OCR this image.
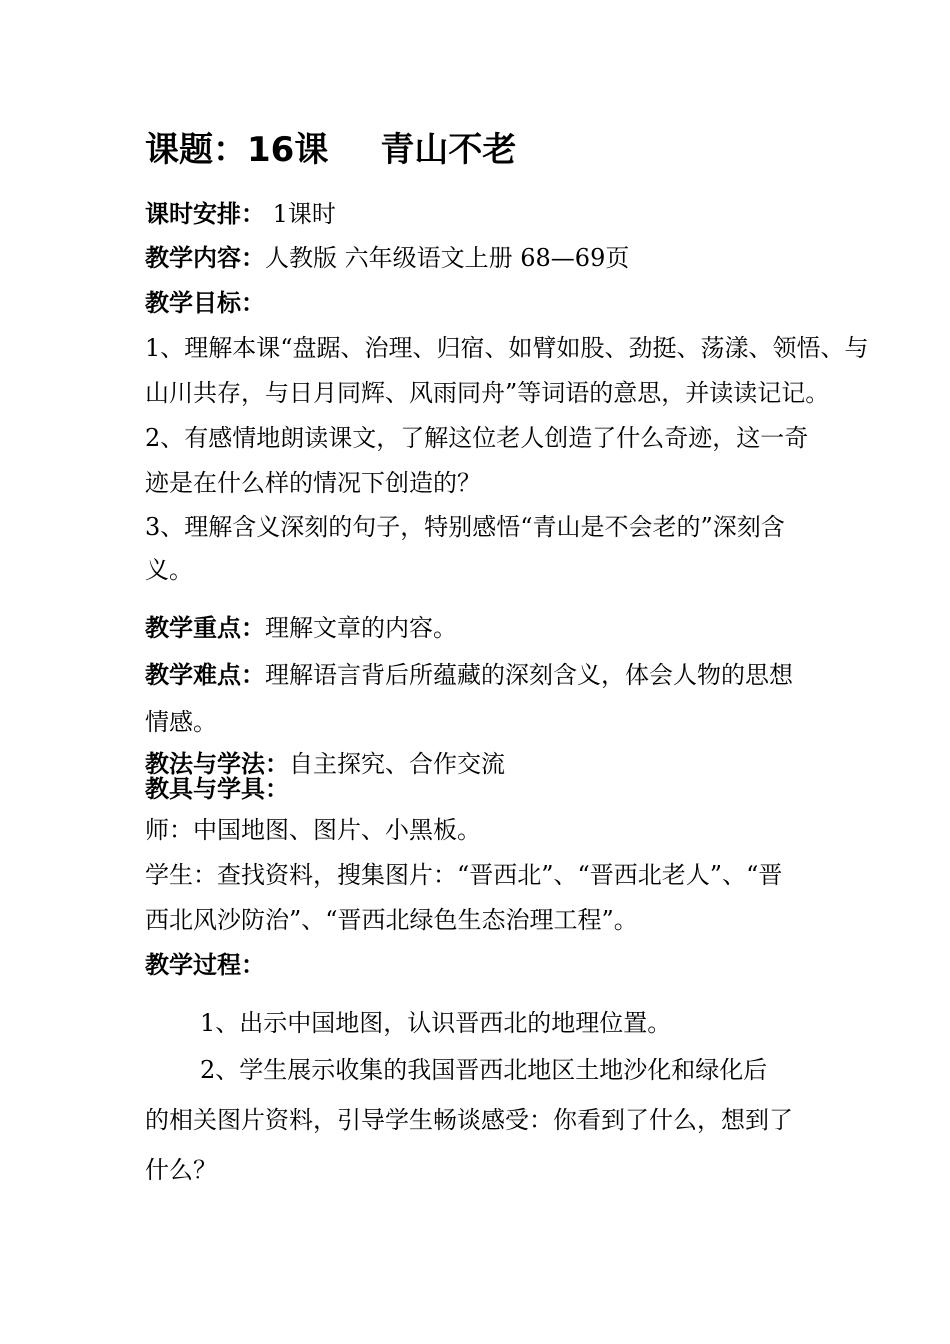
课题：16课 青山不老
课时安排： 1课时
教学内容：人教版 六年级语文上册 68—69页
教学目标：
1、理解本课“盘踞、治理、归宿、如臂如股、劲挺、荡漾、领悟、与
山川共存，与日月同辉、风雨同舟”等词语的意思，并读读记记。
2、有感情地朗读课文，了解这位老人创造了什么奇迹，这一奇
迹是在什么样的情况下创造的？
3、理解含义深刻的句子，特别感悟“青山是不会老的”深刻含
义。
教学重点：理解文章的内容。
教学难点：理解语言背后所蕴藏的深刻含义，体会人物的思想
情感。
教法与学法：自主探究、合作交流
教具与学具：
师：中国地图、图片、小黑板。
学生：查找资料，搜集图片：“晋西北”、“晋西北老人”、“晋
西北风沙防治”、“晋西北绿色生态治理工程”。
教学过程：
1、出示中国地图，认识晋西北的地理位置。
2、学生展示收集的我国晋西北地区土地沙化和绿化后
的相关图片资料，引导学生畅谈感受：你看到了什么，想到了
什么？
